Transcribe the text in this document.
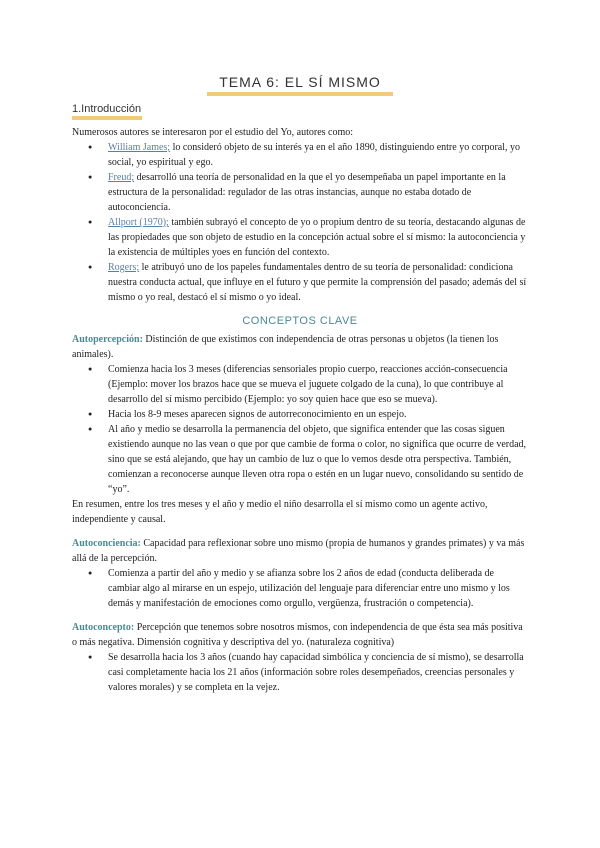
TEMA 6: EL SÍ MISMO
1.Introducción

Numerosos autores se interesaron por el estudio del Yo, autores como:

● William James; lo consideró objeto de su interés ya en el año 1890, distinguiendo entre yo corporal, yo social, yo espiritual y ego.
● Freud; desarrolló una teoría de personalidad en la que el yo desempeñaba un papel importante en la estructura de la personalidad: regulador de las otras instancias, aunque no estaba dotado de autoconciencia.
● Allport (1970); también subrayó el concepto de yo o propium dentro de su teoría, destacando algunas de las propiedades que son objeto de estudio en la concepción actual sobre el sí mismo: la autoconciencia y la existencia de múltiples yoes en función del contexto.
● Rogers; le atribuyó uno de los papeles fundamentales dentro de su teoría de personalidad: condiciona nuestra conducta actual, que influye en el futuro y que permite la comprensión del pasado; además del sí mismo o yo real, destacó el sí mismo o yo ideal.
CONCEPTOS CLAVE

Autopercepción: Distinción de que existimos con independencia de otras personas u objetos (la tienen los animales).

● Comienza hacia los 3 meses (diferencias sensoriales propio cuerpo, reacciones acción-consecuencia (Ejemplo: mover los brazos hace que se mueva el juguete colgado de la cuna), lo que contribuye al desarrollo del sí mismo percibido (Ejemplo: yo soy quien hace que eso se mueva).
● Hacia los 8-9 meses aparecen signos de autorreconocimiento en un espejo.
● Al año y medio se desarrolla la permanencia del objeto, que significa entender que las cosas siguen existiendo aunque no las vean o que por que cambie de forma o color, no significa que ocurre de verdad, sino que se está alejando, que hay un cambio de luz o que lo vemos desde otra perspectiva. También, comienzan a reconocerse aunque lleven otra ropa o estén en un lugar nuevo, consolidando su sentido de “yo”.

En resumen, entre los tres meses y el año y medio el niño desarrolla el sí mismo como un agente activo, independiente y causal.

Autoconciencia: Capacidad para reflexionar sobre uno mismo (propia de humanos y grandes primates) y va más allá de la percepción.

● Comienza a partir del año y medio y se afianza sobre los 2 años de edad (conducta deliberada de cambiar algo al mirarse en un espejo, utilización del lenguaje para diferenciar entre uno mismo y los demás y manifestación de emociones como orgullo, vergüenza, frustración o competencia).

Autoconcepto: Percepción que tenemos sobre nosotros mismos, con independencia de que ésta sea más positiva o más negativa. Dimensión cognitiva y descriptiva del yo. (naturaleza cognitiva)

● Se desarrolla hacia los 3 años (cuando hay capacidad simbólica y conciencia de sí mismo), se desarrolla casi completamente hacia los 21 años (información sobre roles desempeñados, creencias personales y valores morales) y se completa en la vejez.
